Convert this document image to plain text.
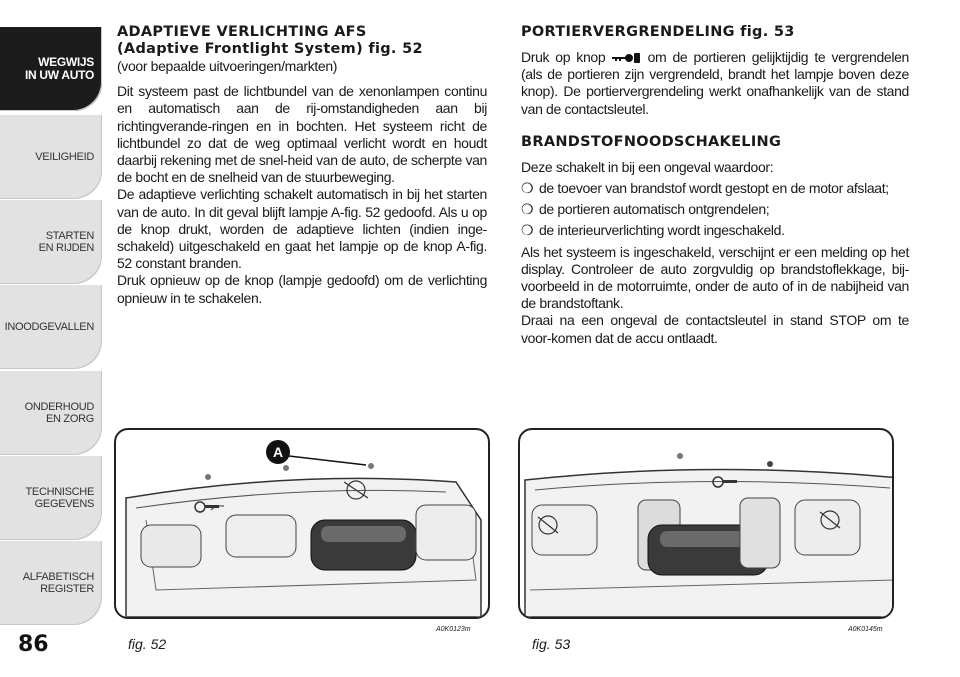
WEGWIJS
IN UW AUTO
VEILIGHEID
STARTEN
EN RIJDEN
INOODGEVALLEN
ONDERHOUD
EN ZORG
TECHNISCHE
GEGEVENS
ALFABETISCH
REGISTER
86

ADAPTIEVE VERLICHTING AFS

(Adaptive Frontlight System) fig. 52

(voor bepaalde uitvoeringen/markten)

Dit systeem past de lichtbundel van de xenonlampen continu en automatisch aan de rij-omstandigheden aan bij richtingverande-ringen en in bochten. Het systeem richt de lichtbundel zo dat de weg optimaal verlicht wordt en houdt daarbij rekening met de snel-heid van de auto, de scherpte van de bocht en de snelheid van de stuurbeweging.

De adaptieve verlichting schakelt automatisch in bij het starten van de auto. In dit geval blijft lampje A-fig. 52 gedoofd. Als u op de knop drukt, worden de adaptieve lichten (indien inge-schakeld) uitgeschakeld en gaat het lampje op de knop A-fig. 52 constant branden.

Druk opnieuw op de knop (lampje gedoofd) om de verlichting opnieuw in te schakelen.

PORTIERVERGRENDELING fig. 53

Druk op knop	om de portieren gelijktijdig te vergrendelen (als de portieren zijn vergrendeld, brandt het lampje boven deze knop). De portiervergrendeling werkt onafhankelijk van de stand van de contactsleutel.

BRANDSTOFNOODSCHAKELING

Deze schakelt in bij een ongeval waardoor:

❍ de toevoer van brandstof wordt gestopt en de motor afslaat;
❍ de portieren automatisch ontgrendelen;
❍ de interieurverlichting wordt ingeschakeld.

Als het systeem is ingeschakeld, verschijnt er een melding op het display. Controleer de auto zorgvuldig op brandstoflekkage, bij-voorbeeld in de motorruimte, onder de auto of in de nabijheid van de brandstoftank.

Draai na een ongeval de contactsleutel in stand STOP om te voor-komen dat de accu ontlaadt.

A
fig. 52
A0K0123m
fig. 53
A0K0145m
